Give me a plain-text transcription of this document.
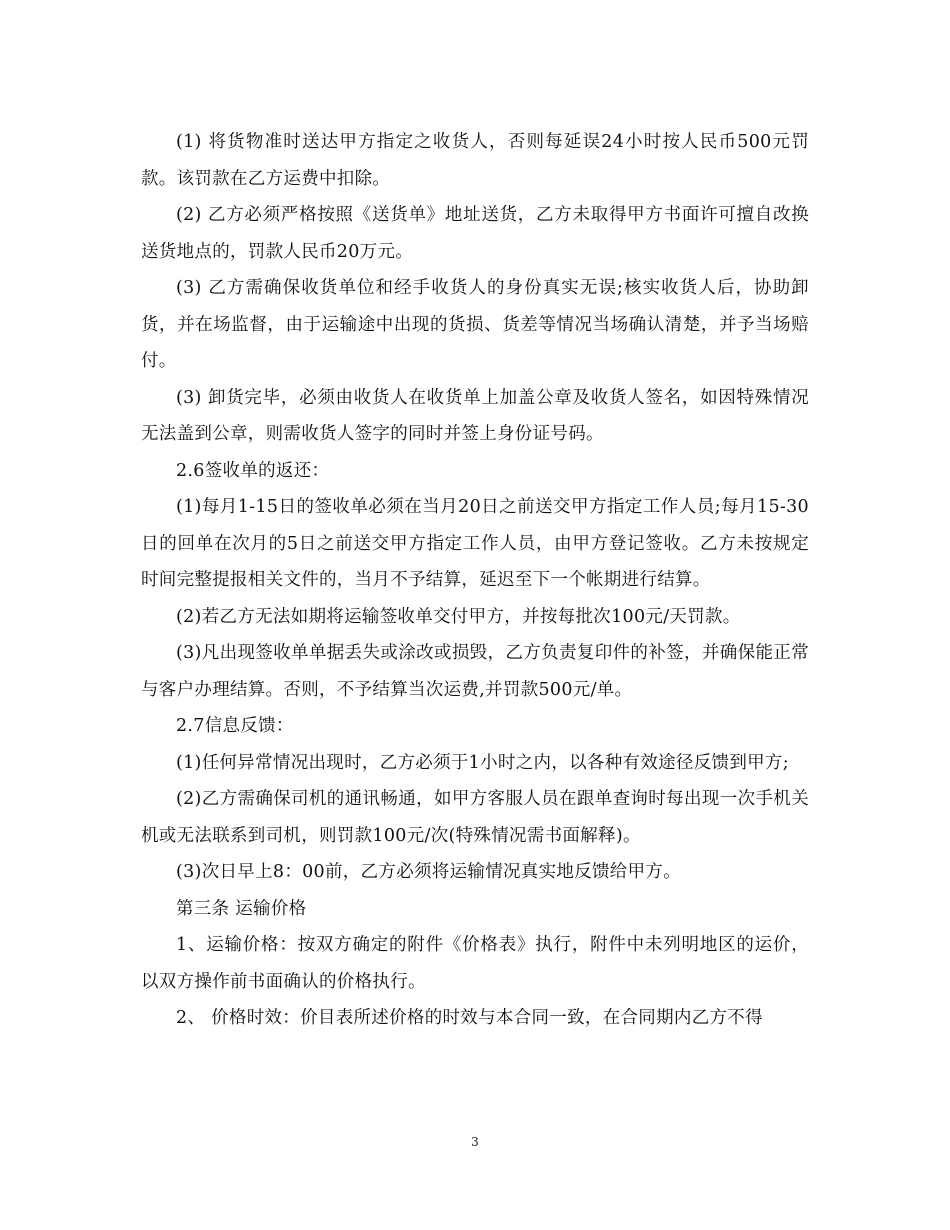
(1) 将货物准时送达甲方指定之收货人，否则每延误24小时按人民币500元罚款。该罚款在乙方运费中扣除。

(2) 乙方必须严格按照《送货单》地址送货，乙方未取得甲方书面许可擅自改换送货地点的，罚款人民币20万元。

(3) 乙方需确保收货单位和经手收货人的身份真实无误;核实收货人后，协助卸货，并在场监督，由于运输途中出现的货损、货差等情况当场确认清楚，并予当场赔付。

(3) 卸货完毕，必须由收货人在收货单上加盖公章及收货人签名，如因特殊情况无法盖到公章，则需收货人签字的同时并签上身份证号码。

2.6签收单的返还：

(1)每月1-15日的签收单必须在当月20日之前送交甲方指定工作人员;每月15-30日的回单在次月的5日之前送交甲方指定工作人员，由甲方登记签收。乙方未按规定时间完整提报相关文件的，当月不予结算，延迟至下一个帐期进行结算。

(2)若乙方无法如期将运输签收单交付甲方，并按每批次100元/天罚款。

(3)凡出现签收单单据丢失或涂改或损毁，乙方负责复印件的补签，并确保能正常与客户办理结算。否则，不予结算当次运费,并罚款500元/单。

2.7信息反馈：

(1)任何异常情况出现时，乙方必须于1小时之内，以各种有效途径反馈到甲方;

(2)乙方需确保司机的通讯畅通，如甲方客服人员在跟单查询时每出现一次手机关机或无法联系到司机，则罚款100元/次(特殊情况需书面解释)。

(3)次日早上8：00前，乙方必须将运输情况真实地反馈给甲方。

第三条 运输价格

1、运输价格：按双方确定的附件《价格表》执行，附件中未列明地区的运价，以双方操作前书面确认的价格执行。

2、 价格时效：价目表所述价格的时效与本合同一致，在合同期内乙方不得

3
